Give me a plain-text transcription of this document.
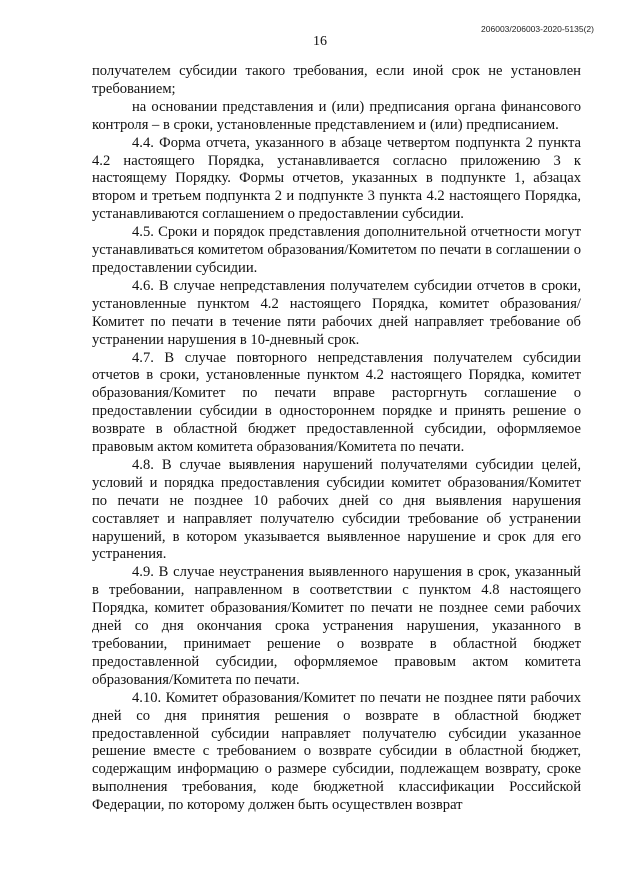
206003/206003-2020-5135(2)
16

получателем субсидии такого требования, если иной срок не установлен требованием;

на основании представления и (или) предписания органа финансового контроля – в сроки, установленные представлением и (или) предписанием.

4.4. Форма отчета, указанного в абзаце четвертом подпункта 2 пункта 4.2 настоящего Порядка, устанавливается согласно приложению 3 к настоящему Порядку. Формы отчетов, указанных в подпункте 1, абзацах втором и третьем подпункта 2 и подпункте 3 пункта 4.2 настоящего Порядка, устанавливаются соглашением о предоставлении субсидии.

4.5. Сроки и порядок представления дополнительной отчетности могут устанавливаться комитетом образования/Комитетом по печати в соглашении о предоставлении субсидии.

4.6. В случае непредставления получателем субсидии отчетов в сроки, установленные пунктом 4.2 настоящего Порядка, комитет образования/Комитет по печати в течение пяти рабочих дней направляет требование об устранении нарушения в 10-дневный срок.

4.7. В случае повторного непредставления получателем субсидии отчетов в сроки, установленные пунктом 4.2 настоящего Порядка, комитет образования/Комитет по печати вправе расторгнуть соглашение о предоставлении субсидии в одностороннем порядке и принять решение о возврате в областной бюджет предоставленной субсидии, оформляемое правовым актом комитета образования/Комитета по печати.

4.8. В случае выявления нарушений получателями субсидии целей, условий и порядка предоставления субсидии комитет образования/Комитет по печати не позднее 10 рабочих дней со дня выявления нарушения составляет и направляет получателю субсидии требование об устранении нарушений, в котором указывается выявленное нарушение и срок для его устранения.

4.9. В случае неустранения выявленного нарушения в срок, указанный в требовании, направленном в соответствии с пунктом 4.8 настоящего Порядка, комитет образования/Комитет по печати не позднее семи рабочих дней со дня окончания срока устранения нарушения, указанного в требовании, принимает решение о возврате в областной бюджет предоставленной субсидии, оформляемое правовым актом комитета образования/Комитета по печати.

4.10. Комитет образования/Комитет по печати не позднее пяти рабочих дней со дня принятия решения о возврате в областной бюджет предоставленной субсидии направляет получателю субсидии указанное решение вместе с требованием о возврате субсидии в областной бюджет, содержащим информацию о размере субсидии, подлежащем возврату, сроке выполнения требования, коде бюджетной классификации Российской Федерации, по которому должен быть осуществлен возврат
